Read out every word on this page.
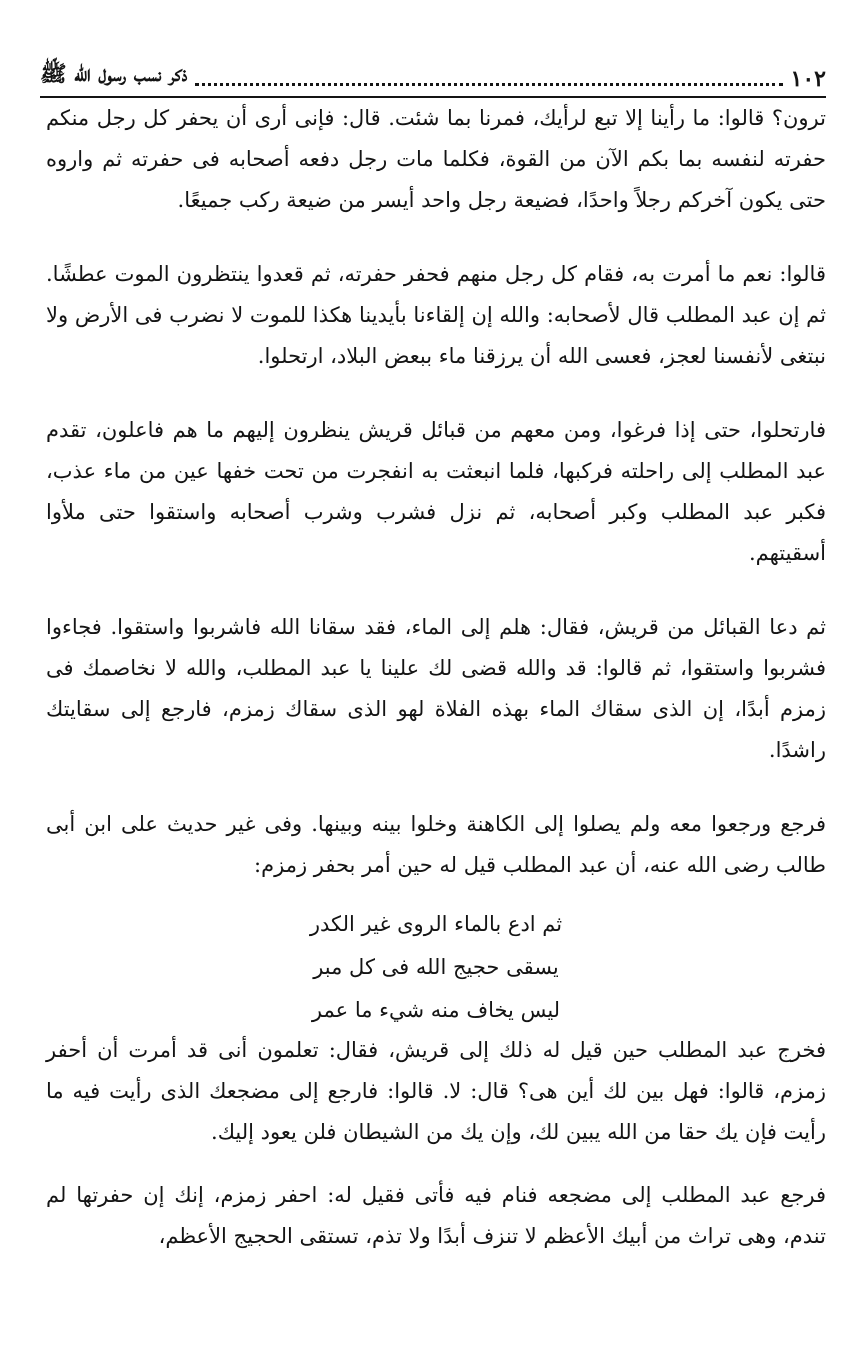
١٠٢
ذكر نسب رسول الله ﷺ

ترون؟ قالوا: ما رأينا إلا تبع لرأيك، فمرنا بما شئت. قال: فإنى أرى أن يحفر كل رجل منكم حفرته لنفسه بما بكم الآن من القوة، فكلما مات رجل دفعه أصحابه فى حفرته ثم واروه حتى يكون آخركم رجلاً واحدًا، فضيعة رجل واحد أيسر من ضيعة ركب جميعًا.

قالوا: نعم ما أمرت به، فقام كل رجل منهم فحفر حفرته، ثم قعدوا ينتظرون الموت عطشًا. ثم إن عبد المطلب قال لأصحابه: والله إن إلقاءنا بأيدينا هكذا للموت لا نضرب فى الأرض ولا نبتغى لأنفسنا لعجز، فعسى الله أن يرزقنا ماء ببعض البلاد، ارتحلوا.

فارتحلوا، حتى إذا فرغوا، ومن معهم من قبائل قريش ينظرون إليهم ما هم فاعلون، تقدم عبد المطلب إلى راحلته فركبها، فلما انبعثت به انفجرت من تحت خفها عين من ماء عذب، فكبر عبد المطلب وكبر أصحابه، ثم نزل فشرب وشرب أصحابه واستقوا حتى ملأوا أسقيتهم.

ثم دعا القبائل من قريش، فقال: هلم إلى الماء، فقد سقانا الله فاشربوا واستقوا. فجاءوا فشربوا واستقوا، ثم قالوا: قد والله قضى لك علينا يا عبد المطلب، والله لا نخاصمك فى زمزم أبدًا، إن الذى سقاك الماء بهذه الفلاة لهو الذى سقاك زمزم، فارجع إلى سقايتك راشدًا.

فرجع ورجعوا معه ولم يصلوا إلى الكاهنة وخلوا بينه وبينها. وفى غير حديث على ابن أبى طالب رضى الله عنه، أن عبد المطلب قيل له حين أمر بحفر زمزم:

ثم ادع بالماء الروى غير الكدر
يسقى حجيج الله فى كل مبر
ليس يخاف منه شيء ما عمر

فخرج عبد المطلب حين قيل له ذلك إلى قريش، فقال: تعلمون أنى قد أمرت أن أحفر زمزم، قالوا: فهل بين لك أين هى؟ قال: لا. قالوا: فارجع إلى مضجعك الذى رأيت فيه ما رأيت فإن يك حقا من الله يبين لك، وإن يك من الشيطان فلن يعود إليك.

فرجع عبد المطلب إلى مضجعه فنام فيه فأتى فقيل له: احفر زمزم، إنك إن حفرتها لم تندم، وهى تراث من أبيك الأعظم لا تنزف أبدًا ولا تذم، تستقى الحجيج الأعظم،
